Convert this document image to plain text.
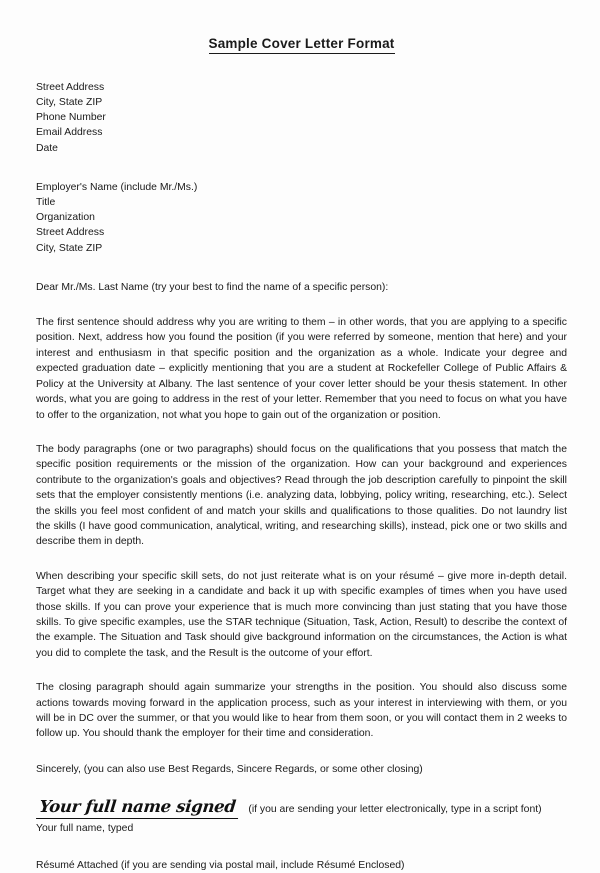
Sample Cover Letter Format
Street Address
City, State ZIP
Phone Number
Email Address
Date
Employer's Name (include Mr./Ms.)
Title
Organization
Street Address
City, State ZIP

Dear Mr./Ms. Last Name (try your best to find the name of a specific person):

The first sentence should address why you are writing to them – in other words, that you are applying to a specific position. Next, address how you found the position (if you were referred by someone, mention that here) and your interest and enthusiasm in that specific position and the organization as a whole. Indicate your degree and expected graduation date – explicitly mentioning that you are a student at Rockefeller College of Public Affairs & Policy at the University at Albany. The last sentence of your cover letter should be your thesis statement. In other words, what you are going to address in the rest of your letter. Remember that you need to focus on what you have to offer to the organization, not what you hope to gain out of the organization or position.

The body paragraphs (one or two paragraphs) should focus on the qualifications that you possess that match the specific position requirements or the mission of the organization. How can your background and experiences contribute to the organization's goals and objectives? Read through the job description carefully to pinpoint the skill sets that the employer consistently mentions (i.e. analyzing data, lobbying, policy writing, researching, etc.). Select the skills you feel most confident of and match your skills and qualifications to those qualities. Do not laundry list the skills (I have good communication, analytical, writing, and researching skills), instead, pick one or two skills and describe them in depth.

When describing your specific skill sets, do not just reiterate what is on your résumé – give more in-depth detail. Target what they are seeking in a candidate and back it up with specific examples of times when you have used those skills. If you can prove your experience that is much more convincing than just stating that you have those skills. To give specific examples, use the STAR technique (Situation, Task, Action, Result) to describe the context of the example. The Situation and Task should give background information on the circumstances, the Action is what you did to complete the task, and the Result is the outcome of your effort.

The closing paragraph should again summarize your strengths in the position. You should also discuss some actions towards moving forward in the application process, such as your interest in interviewing with them, or you will be in DC over the summer, or that you would like to hear from them soon, or you will contact them in 2 weeks to follow up. You should thank the employer for their time and consideration.

Sincerely, (you can also use Best Regards, Sincere Regards, or some other closing)

Your full name signed	(if you are sending your letter electronically, type in a script font)

Your full name, typed

Résumé Attached (if you are sending via postal mail, include Résumé Enclosed)
